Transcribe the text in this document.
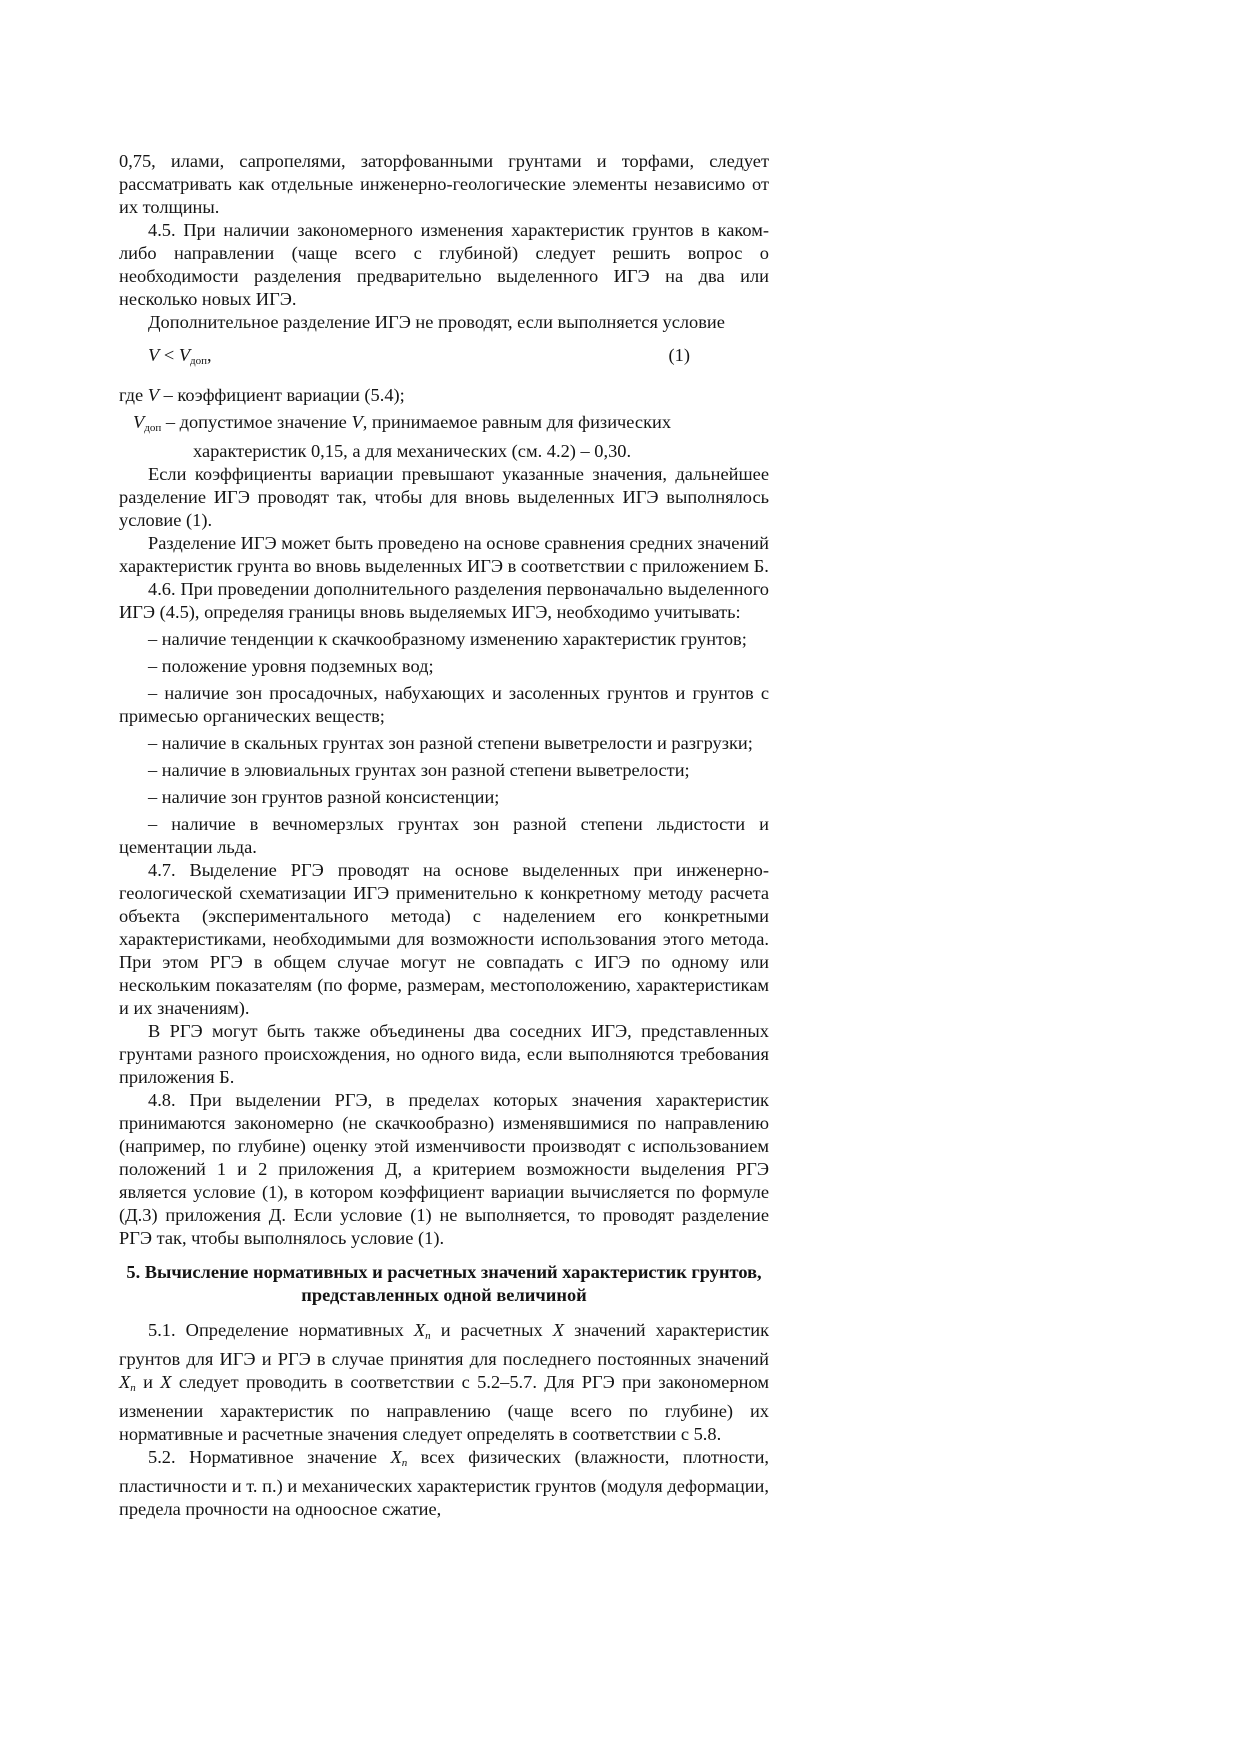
0,75, илами, сапропелями, заторфованными грунтами и торфами, следует рассматривать как отдельные инженерно-геологические элементы независимо от их толщины.

4.5. При наличии закономерного изменения характеристик грунтов в каком-либо направлении (чаще всего с глубиной) следует решить вопрос о необходимости разделения предварительно выделенного ИГЭ на два или несколько новых ИГЭ.

Дополнительное разделение ИГЭ не проводят, если выполняется условие

$V < V_{доп}$,	(1)

где V – коэффициент вариации (5.4);

$V_{доп}$ – допустимое значение V, принимаемое равным для физических
характеристик 0,15, а для механических (см. 4.2) – 0,30.

Если коэффициенты вариации превышают указанные значения, дальнейшее разделение ИГЭ проводят так, чтобы для вновь выделенных ИГЭ выполнялось условие (1).

Разделение ИГЭ может быть проведено на основе сравнения средних значений характеристик грунта во вновь выделенных ИГЭ в соответствии с приложением Б.

4.6. При проведении дополнительного разделения первоначально выделенного ИГЭ (4.5), определяя границы вновь выделяемых ИГЭ, необходимо учитывать:

– наличие тенденции к скачкообразному изменению характеристик грунтов;

– положение уровня подземных вод;

– наличие зон просадочных, набухающих и засоленных грунтов и грунтов с примесью органических веществ;

– наличие в скальных грунтах зон разной степени выветрелости и разгрузки;

– наличие в элювиальных грунтах зон разной степени выветрелости;

– наличие зон грунтов разной консистенции;

– наличие в вечномерзлых грунтах зон разной степени льдистости и цементации льда.

4.7. Выделение РГЭ проводят на основе выделенных при инженерно-геологической схематизации ИГЭ применительно к конкретному методу расчета объекта (экспериментального метода) с наделением его конкретными характеристиками, необходимыми для возможности использования этого метода. При этом РГЭ в общем случае могут не совпадать с ИГЭ по одному или нескольким показателям (по форме, размерам, местоположению, характеристикам и их значениям).

В РГЭ могут быть также объединены два соседних ИГЭ, представленных грунтами разного происхождения, но одного вида, если выполняются требования приложения Б.

4.8. При выделении РГЭ, в пределах которых значения характеристик принимаются закономерно (не скачкообразно) изменявшимися по направлению (например, по глубине) оценку этой изменчивости производят с использованием положений 1 и 2 приложения Д, а критерием возможности выделения РГЭ является условие (1), в котором коэффициент вариации вычисляется по формуле (Д.3) приложения Д. Если условие (1) не выполняется, то проводят разделение РГЭ так, чтобы выполнялось условие (1).

5. Вычисление нормативных и расчетных значений характеристик грунтов, представленных одной величиной

5.1. Определение нормативных Xn и расчетных X значений характеристик грунтов для ИГЭ и РГЭ в случае принятия для последнего постоянных значений Xn и X следует проводить в соответствии с 5.2–5.7. Для РГЭ при закономерном изменении характеристик по направлению (чаще всего по глубине) их нормативные и расчетные значения следует определять в соответствии с 5.8.

5.2. Нормативное значение Xn всех физических (влажности, плотности, пластичности и т. п.) и механических характеристик грунтов (модуля деформации, предела прочности на одноосное сжатие,
